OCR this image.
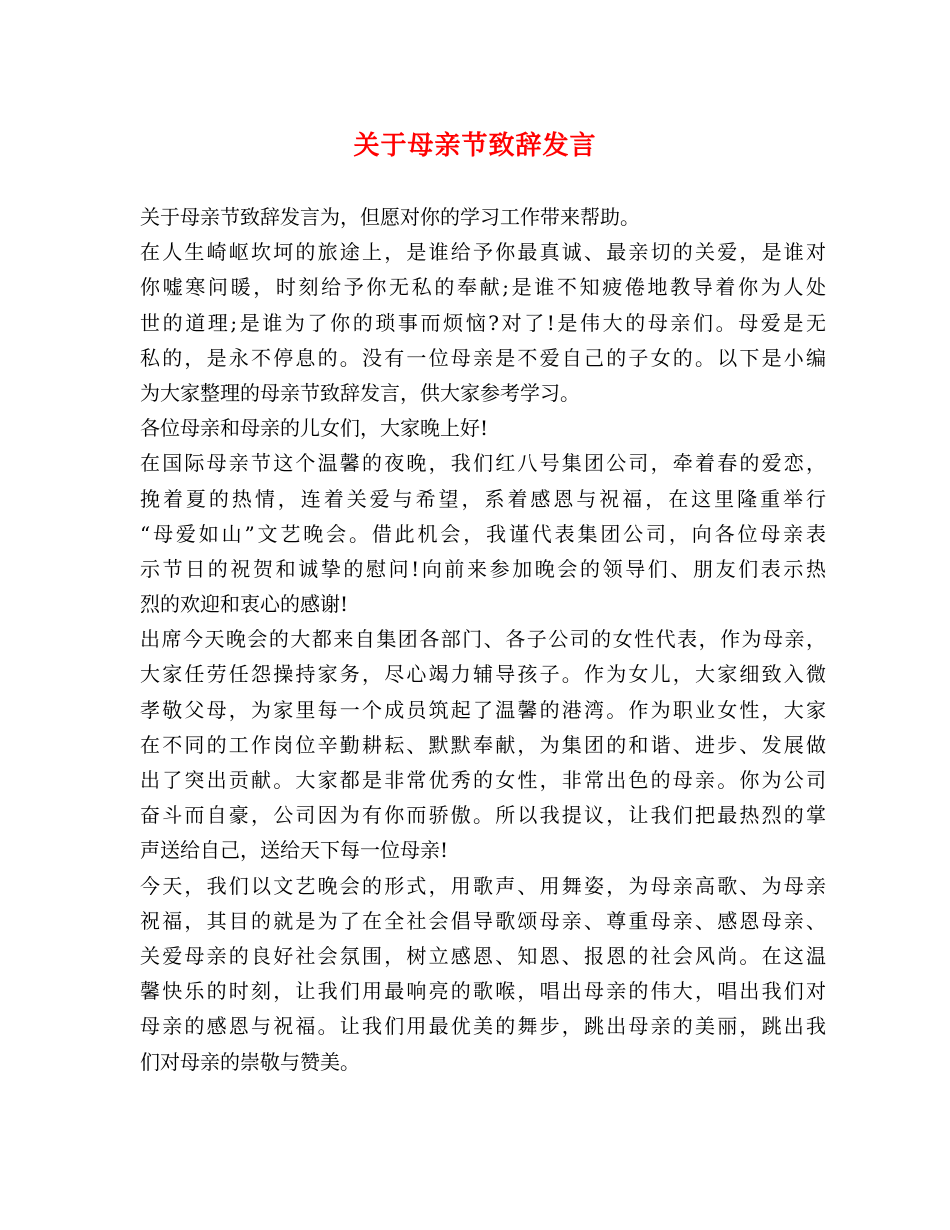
关于母亲节致辞发言
关于母亲节致辞发言为，但愿对你的学习工作带来帮助。
在人生崎岖坎坷的旅途上，是谁给予你最真诚、最亲切的关爱，是谁对
你嘘寒问暖，时刻给予你无私的奉献;是谁不知疲倦地教导着你为人处
世的道理;是谁为了你的琐事而烦恼?对了!是伟大的母亲们。母爱是无
私的，是永不停息的。没有一位母亲是不爱自己的子女的。以下是小编
为大家整理的母亲节致辞发言，供大家参考学习。
各位母亲和母亲的儿女们，大家晚上好!
在国际母亲节这个温馨的夜晚，我们红八号集团公司，牵着春的爱恋，
挽着夏的热情，连着关爱与希望，系着感恩与祝福，在这里隆重举行
“母爱如山”文艺晚会。借此机会，我谨代表集团公司，向各位母亲表
示节日的祝贺和诚挚的慰问!向前来参加晚会的领导们、朋友们表示热
烈的欢迎和衷心的感谢!
出席今天晚会的大都来自集团各部门、各子公司的女性代表，作为母亲，
大家任劳任怨操持家务，尽心竭力辅导孩子。作为女儿，大家细致入微
孝敬父母，为家里每一个成员筑起了温馨的港湾。作为职业女性，大家
在不同的工作岗位辛勤耕耘、默默奉献，为集团的和谐、进步、发展做
出了突出贡献。大家都是非常优秀的女性，非常出色的母亲。你为公司
奋斗而自豪，公司因为有你而骄傲。所以我提议，让我们把最热烈的掌
声送给自己，送给天下每一位母亲!
今天，我们以文艺晚会的形式，用歌声、用舞姿，为母亲高歌、为母亲
祝福，其目的就是为了在全社会倡导歌颂母亲、尊重母亲、感恩母亲、
关爱母亲的良好社会氛围，树立感恩、知恩、报恩的社会风尚。在这温
馨快乐的时刻，让我们用最响亮的歌喉，唱出母亲的伟大，唱出我们对
母亲的感恩与祝福。让我们用最优美的舞步，跳出母亲的美丽，跳出我
们对母亲的崇敬与赞美。
